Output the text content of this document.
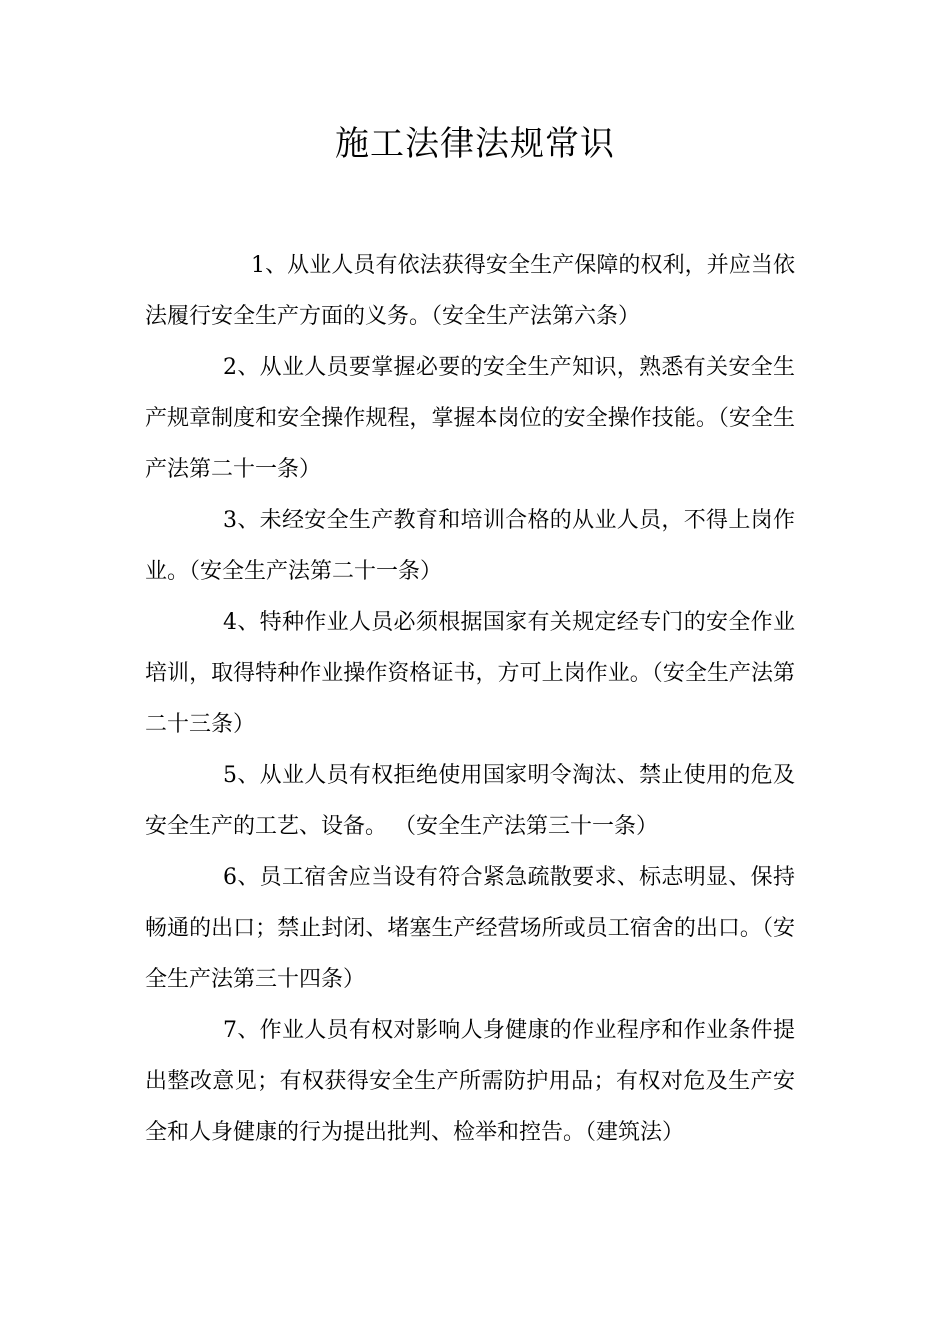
施工法律法规常识

1、从业人员有依法获得安全生产保障的权利，并应当依法履行安全生产方面的义务。（安全生产法第六条）

2、从业人员要掌握必要的安全生产知识，熟悉有关安全生产规章制度和安全操作规程，掌握本岗位的安全操作技能。（安全生产法第二十一条）

3、未经安全生产教育和培训合格的从业人员，不得上岗作业。（安全生产法第二十一条）

4、特种作业人员必须根据国家有关规定经专门的安全作业培训，取得特种作业操作资格证书，方可上岗作业。（安全生产法第二十三条）

5、从业人员有权拒绝使用国家明令淘汰、禁止使用的危及安全生产的工艺、设备。 （安全生产法第三十一条）

6、员工宿舍应当设有符合紧急疏散要求、标志明显、保持畅通的出口；禁止封闭、堵塞生产经营场所或员工宿舍的出口。（安全生产法第三十四条）

7、作业人员有权对影响人身健康的作业程序和作业条件提出整改意见；有权获得安全生产所需防护用品；有权对危及生产安全和人身健康的行为提出批判、检举和控告。（建筑法）
